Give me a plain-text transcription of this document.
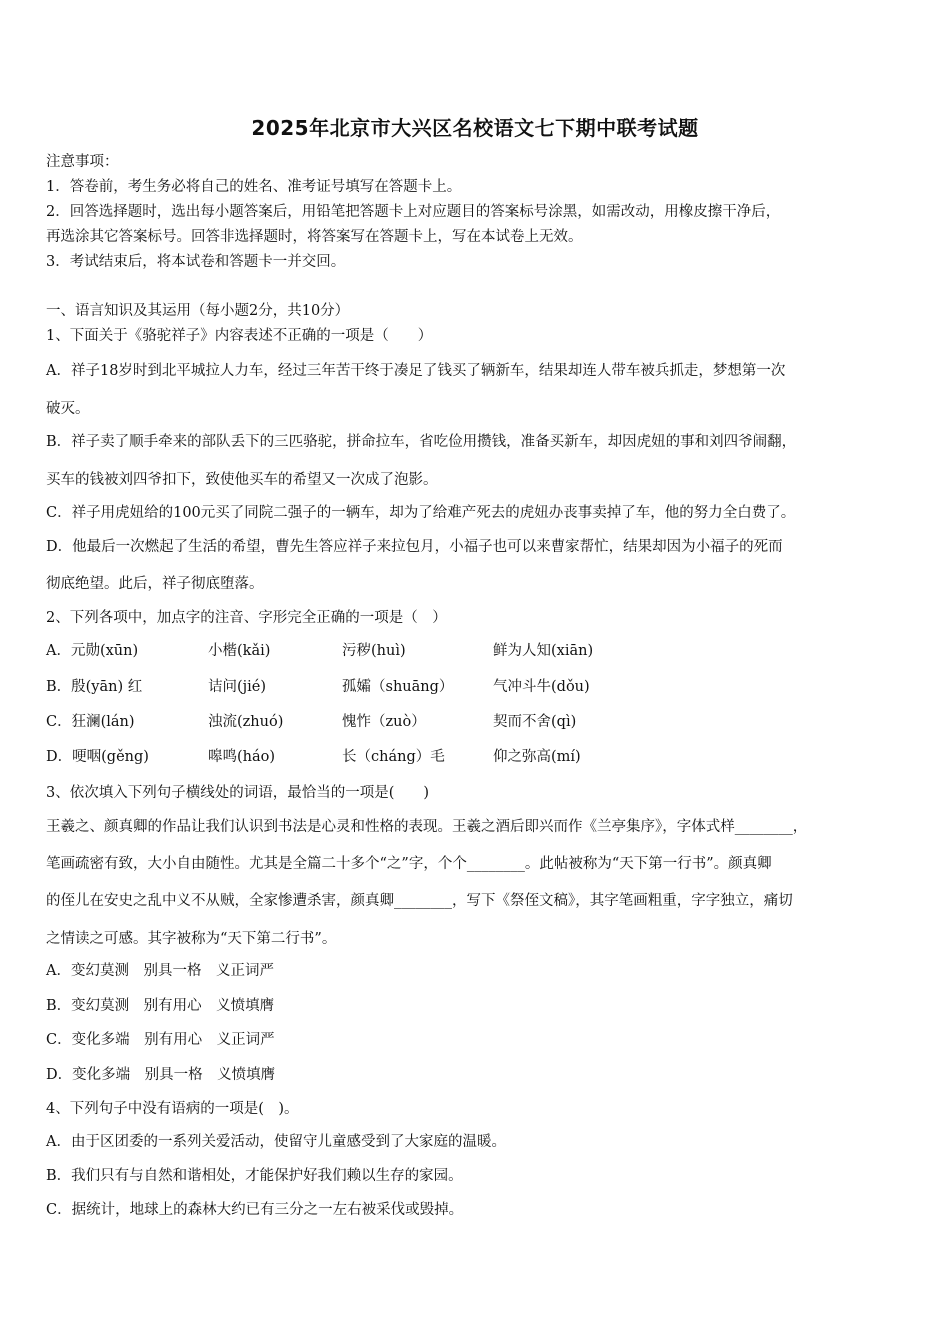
2025年北京市大兴区名校语文七下期中联考试题
注意事项：
1．答卷前，考生务必将自己的姓名、准考证号填写在答题卡上。
2．回答选择题时，选出每小题答案后，用铅笔把答题卡上对应题目的答案标号涂黑，如需改动，用橡皮擦干净后，
再选涂其它答案标号。回答非选择题时，将答案写在答题卡上，写在本试卷上无效。
3．考试结束后，将本试卷和答题卡一并交回。
一、语言知识及其运用（每小题2分，共10分）
1、下面关于《骆驼祥子》内容表述不正确的一项是（　　）
A．祥子18岁时到北平城拉人力车，经过三年苦干终于凑足了钱买了辆新车，结果却连人带车被兵抓走，梦想第一次
破灭。
B．祥子卖了顺手牵来的部队丢下的三匹骆驼，拼命拉车，省吃俭用攒钱，准备买新车，却因虎妞的事和刘四爷闹翻，
买车的钱被刘四爷扣下，致使他买车的希望又一次成了泡影。
C．祥子用虎妞给的100元买了同院二强子的一辆车，却为了给难产死去的虎妞办丧事卖掉了车，他的努力全白费了。
D．他最后一次燃起了生活的希望，曹先生答应祥子来拉包月，小福子也可以来曹家帮忙，结果却因为小福子的死而
彻底绝望。此后，祥子彻底堕落。
2、下列各项中，加点字的注音、字形完全正确的一项是（　）
A．元勋(xūn)	小楷(kǎi)	污秽(huì)	鲜为人知(xiān)
B．殷(yān) 红	诘问(jié)	孤孀（shuāng）	气冲斗牛(dǒu)
C．狂澜(lán)	浊流(zhuó)	愧怍（zuò）	契而不舍(qì)
D．哽咽(gěng)	嗥鸣(háo)	长（cháng）毛	仰之弥高(mí)
3、依次填入下列句子横线处的词语，最恰当的一项是(　　)
王羲之、颜真卿的作品让我们认识到书法是心灵和性格的表现。王羲之酒后即兴而作《兰亭集序》，字体式样________，
笔画疏密有致，大小自由随性。尤其是全篇二十多个“之”字，个个________。此帖被称为“天下第一行书”。颜真卿
的侄儿在安史之乱中义不从贼，全家惨遭杀害，颜真卿________，写下《祭侄文稿》，其字笔画粗重，字字独立，痛切
之情读之可感。其字被称为“天下第二行书”。
A．变幻莫测　别具一格　义正词严
B．变幻莫测　别有用心　义愤填膺
C．变化多端　别有用心　义正词严
D．变化多端　别具一格　义愤填膺
4、下列句子中没有语病的一项是(　)。
A．由于区团委的一系列关爱活动，使留守儿童感受到了大家庭的温暖。
B．我们只有与自然和谐相处，才能保护好我们赖以生存的家园。
C．据统计，地球上的森林大约已有三分之一左右被采伐或毁掉。
